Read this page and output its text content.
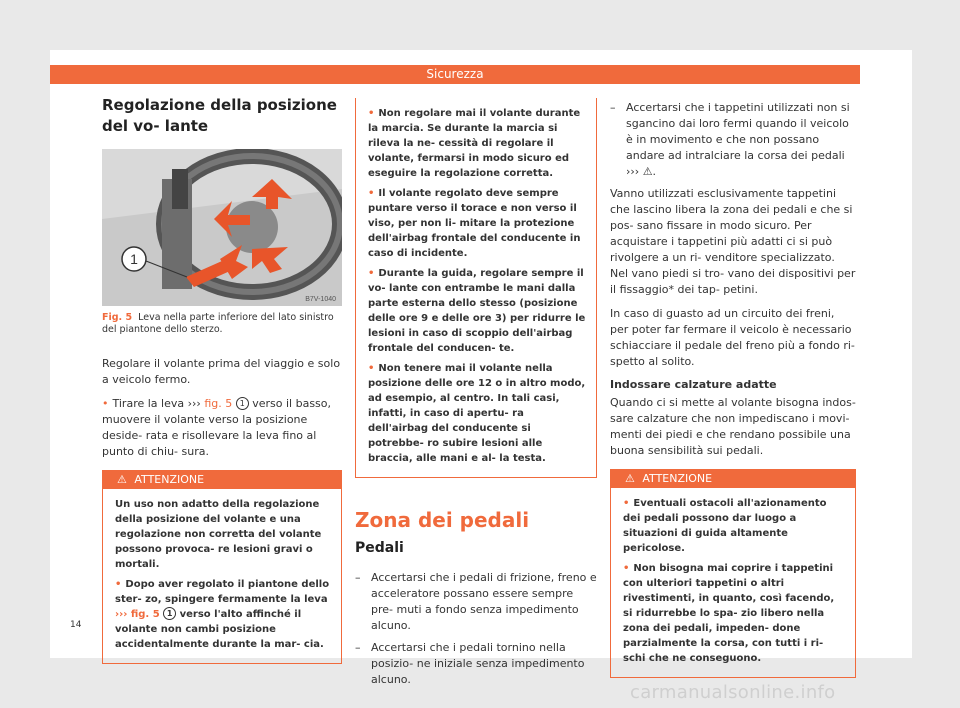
Sicurezza
Regolazione della posizione del vo- lante
1
B7V-1040
Fig. 5 Leva nella parte inferiore del lato sinistro del piantone dello sterzo.

Regolare il volante prima del viaggio e solo a veicolo fermo.

• Tirare la leva ››› fig. 5 1 verso il basso, muovere il volante verso la posizione deside- rata e risollevare la leva fino al punto di chiu- sura.

⚠ ATTENZIONE
Un uso non adatto della regolazione della posizione del volante e una regolazione non corretta del volante possono provoca- re lesioni gravi o mortali.
• Dopo aver regolato il piantone dello ster- zo, spingere fermamente la leva ››› fig. 5 1 verso l'alto affinché il volante non cambi posizione accidentalmente durante la mar- cia.
• Non regolare mai il volante durante la marcia. Se durante la marcia si rileva la ne- cessità di regolare il volante, fermarsi in modo sicuro ed eseguire la regolazione corretta.
• Il volante regolato deve sempre puntare verso il torace e non verso il viso, per non li- mitare la protezione dell'airbag frontale del conducente in caso di incidente.
• Durante la guida, regolare sempre il vo- lante con entrambe le mani dalla parte esterna dello stesso (posizione delle ore 9 e delle ore 3) per ridurre le lesioni in caso di scoppio dell'airbag frontale del conducen- te.
• Non tenere mai il volante nella posizione delle ore 12 o in altro modo, ad esempio, al centro. In tali casi, infatti, in caso di apertu- ra dell'airbag del conducente si potrebbe- ro subire lesioni alle braccia, alle mani e al- la testa.
Zona dei pedali
Pedali
–   Accertarsi che i pedali di frizione, freno e acceleratore possano essere sempre pre- muti a fondo senza impedimento alcuno.
–   Accertarsi che i pedali tornino nella posizio- ne iniziale senza impedimento alcuno.
–   Accertarsi che i tappetini utilizzati non si sgancino dai loro fermi quando il veicolo è in movimento e che non possano andare ad intralciare la corsa dei pedali ››› ⚠.

Vanno utilizzati esclusivamente tappetini che lascino libera la zona dei pedali e che si pos- sano fissare in modo sicuro. Per acquistare i tappetini più adatti ci si può rivolgere a un ri- venditore specializzato. Nel vano piedi si tro- vano dei dispositivi per il fissaggio* dei tap- petini.

In caso di guasto ad un circuito dei freni, per poter far fermare il veicolo è necessario schiacciare il pedale del freno più a fondo ri- spetto al solito.

Indossare calzature adatte

Quando ci si mette al volante bisogna indos- sare calzature che non impediscano i movi- menti dei piedi e che rendano possibile una buona sensibilità sui pedali.

⚠ ATTENZIONE
• Eventuali ostacoli all'azionamento dei pedali possono dar luogo a situazioni di guida altamente pericolose.
• Non bisogna mai coprire i tappetini con ulteriori tappetini o altri rivestimenti, in quanto, così facendo, si ridurrebbe lo spa- zio libero nella zona dei pedali, impeden- done parzialmente la corsa, con tutti i ri- schi che ne conseguono.
14
carmanualsonline.info
